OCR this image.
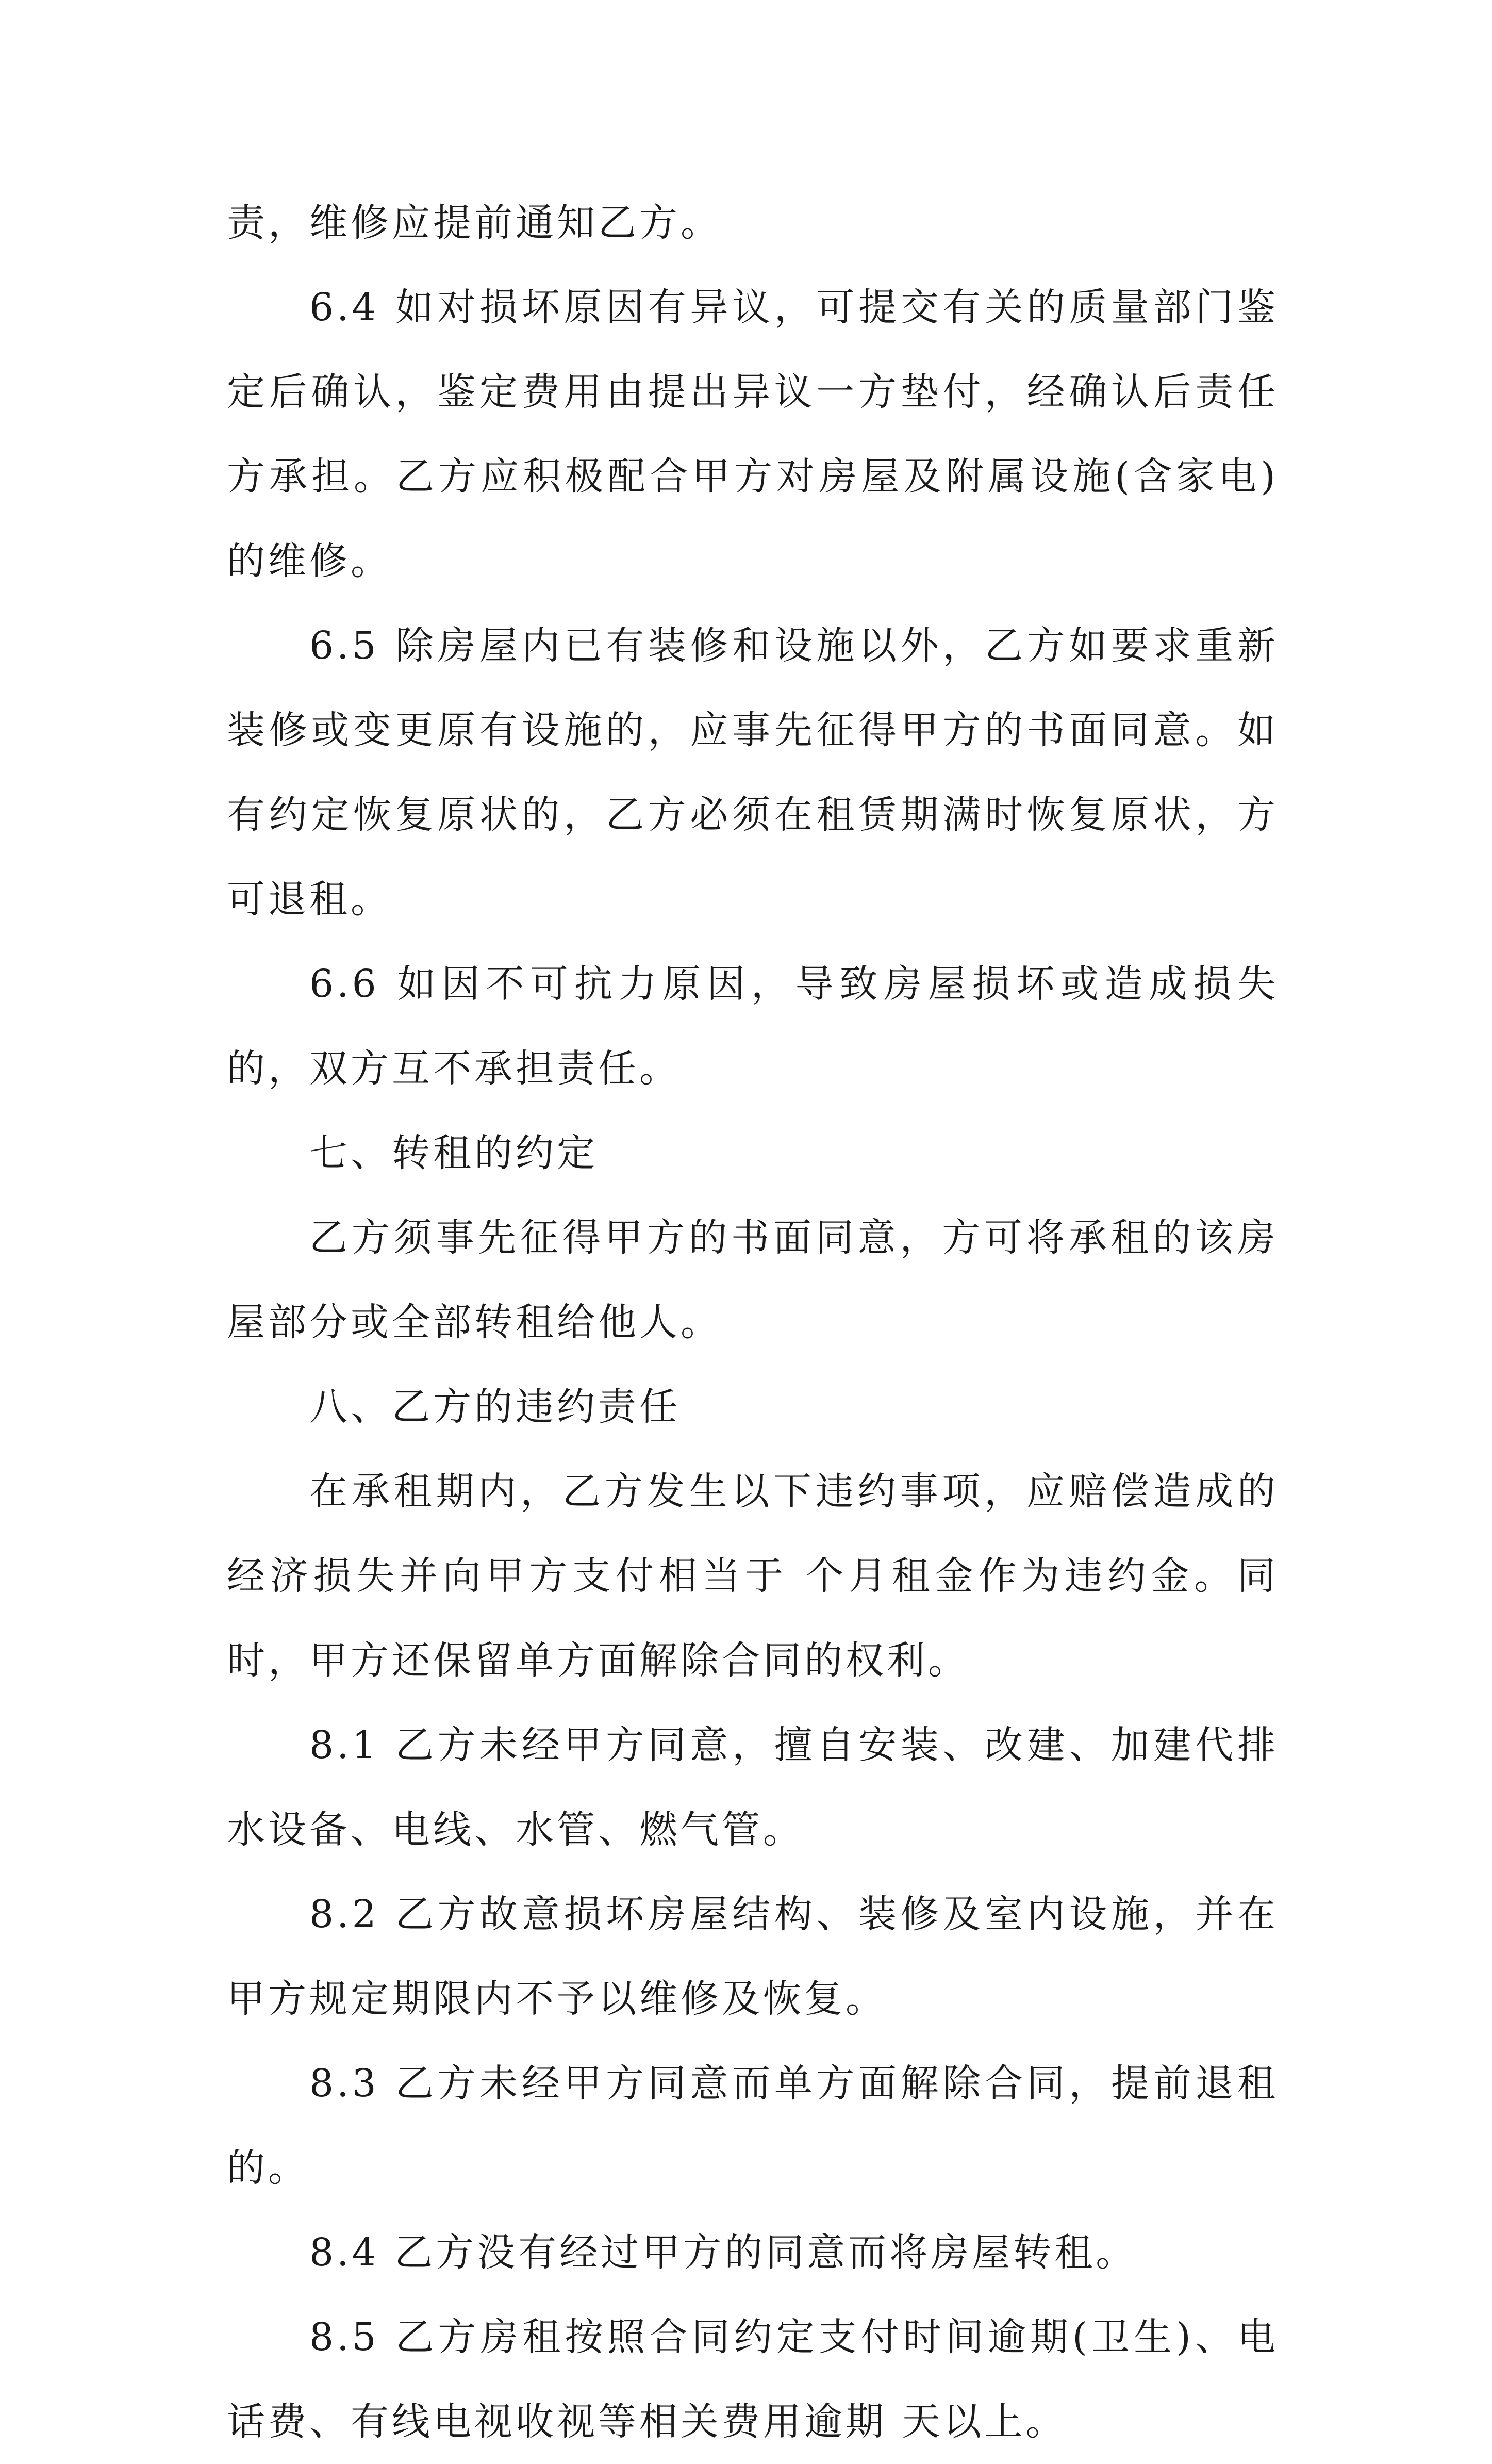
责，维修应提前通知乙方。

6.4 如对损坏原因有异议，可提交有关的质量部门鉴定后确认，鉴定费用由提出异议一方垫付，经确认后责任方承担。乙方应积极配合甲方对房屋及附属设施(含家电)的维修。

6.5 除房屋内已有装修和设施以外，乙方如要求重新装修或变更原有设施的，应事先征得甲方的书面同意。如有约定恢复原状的，乙方必须在租赁期满时恢复原状，方可退租。

6.6 如因不可抗力原因，导致房屋损坏或造成损失的，双方互不承担责任。

七、转租的约定

乙方须事先征得甲方的书面同意，方可将承租的该房屋部分或全部转租给他人。

八、乙方的违约责任

在承租期内，乙方发生以下违约事项，应赔偿造成的经济损失并向甲方支付相当于 个月租金作为违约金。同时，甲方还保留单方面解除合同的权利。

8.1 乙方未经甲方同意，擅自安装、改建、加建代排水设备、电线、水管、燃气管。

8.2 乙方故意损坏房屋结构、装修及室内设施，并在甲方规定期限内不予以维修及恢复。

8.3 乙方未经甲方同意而单方面解除合同，提前退租的。

8.4 乙方没有经过甲方的同意而将房屋转租。

8.5 乙方房租按照合同约定支付时间逾期(卫生)、电话费、有线电视收视等相关费用逾期 天以上。
